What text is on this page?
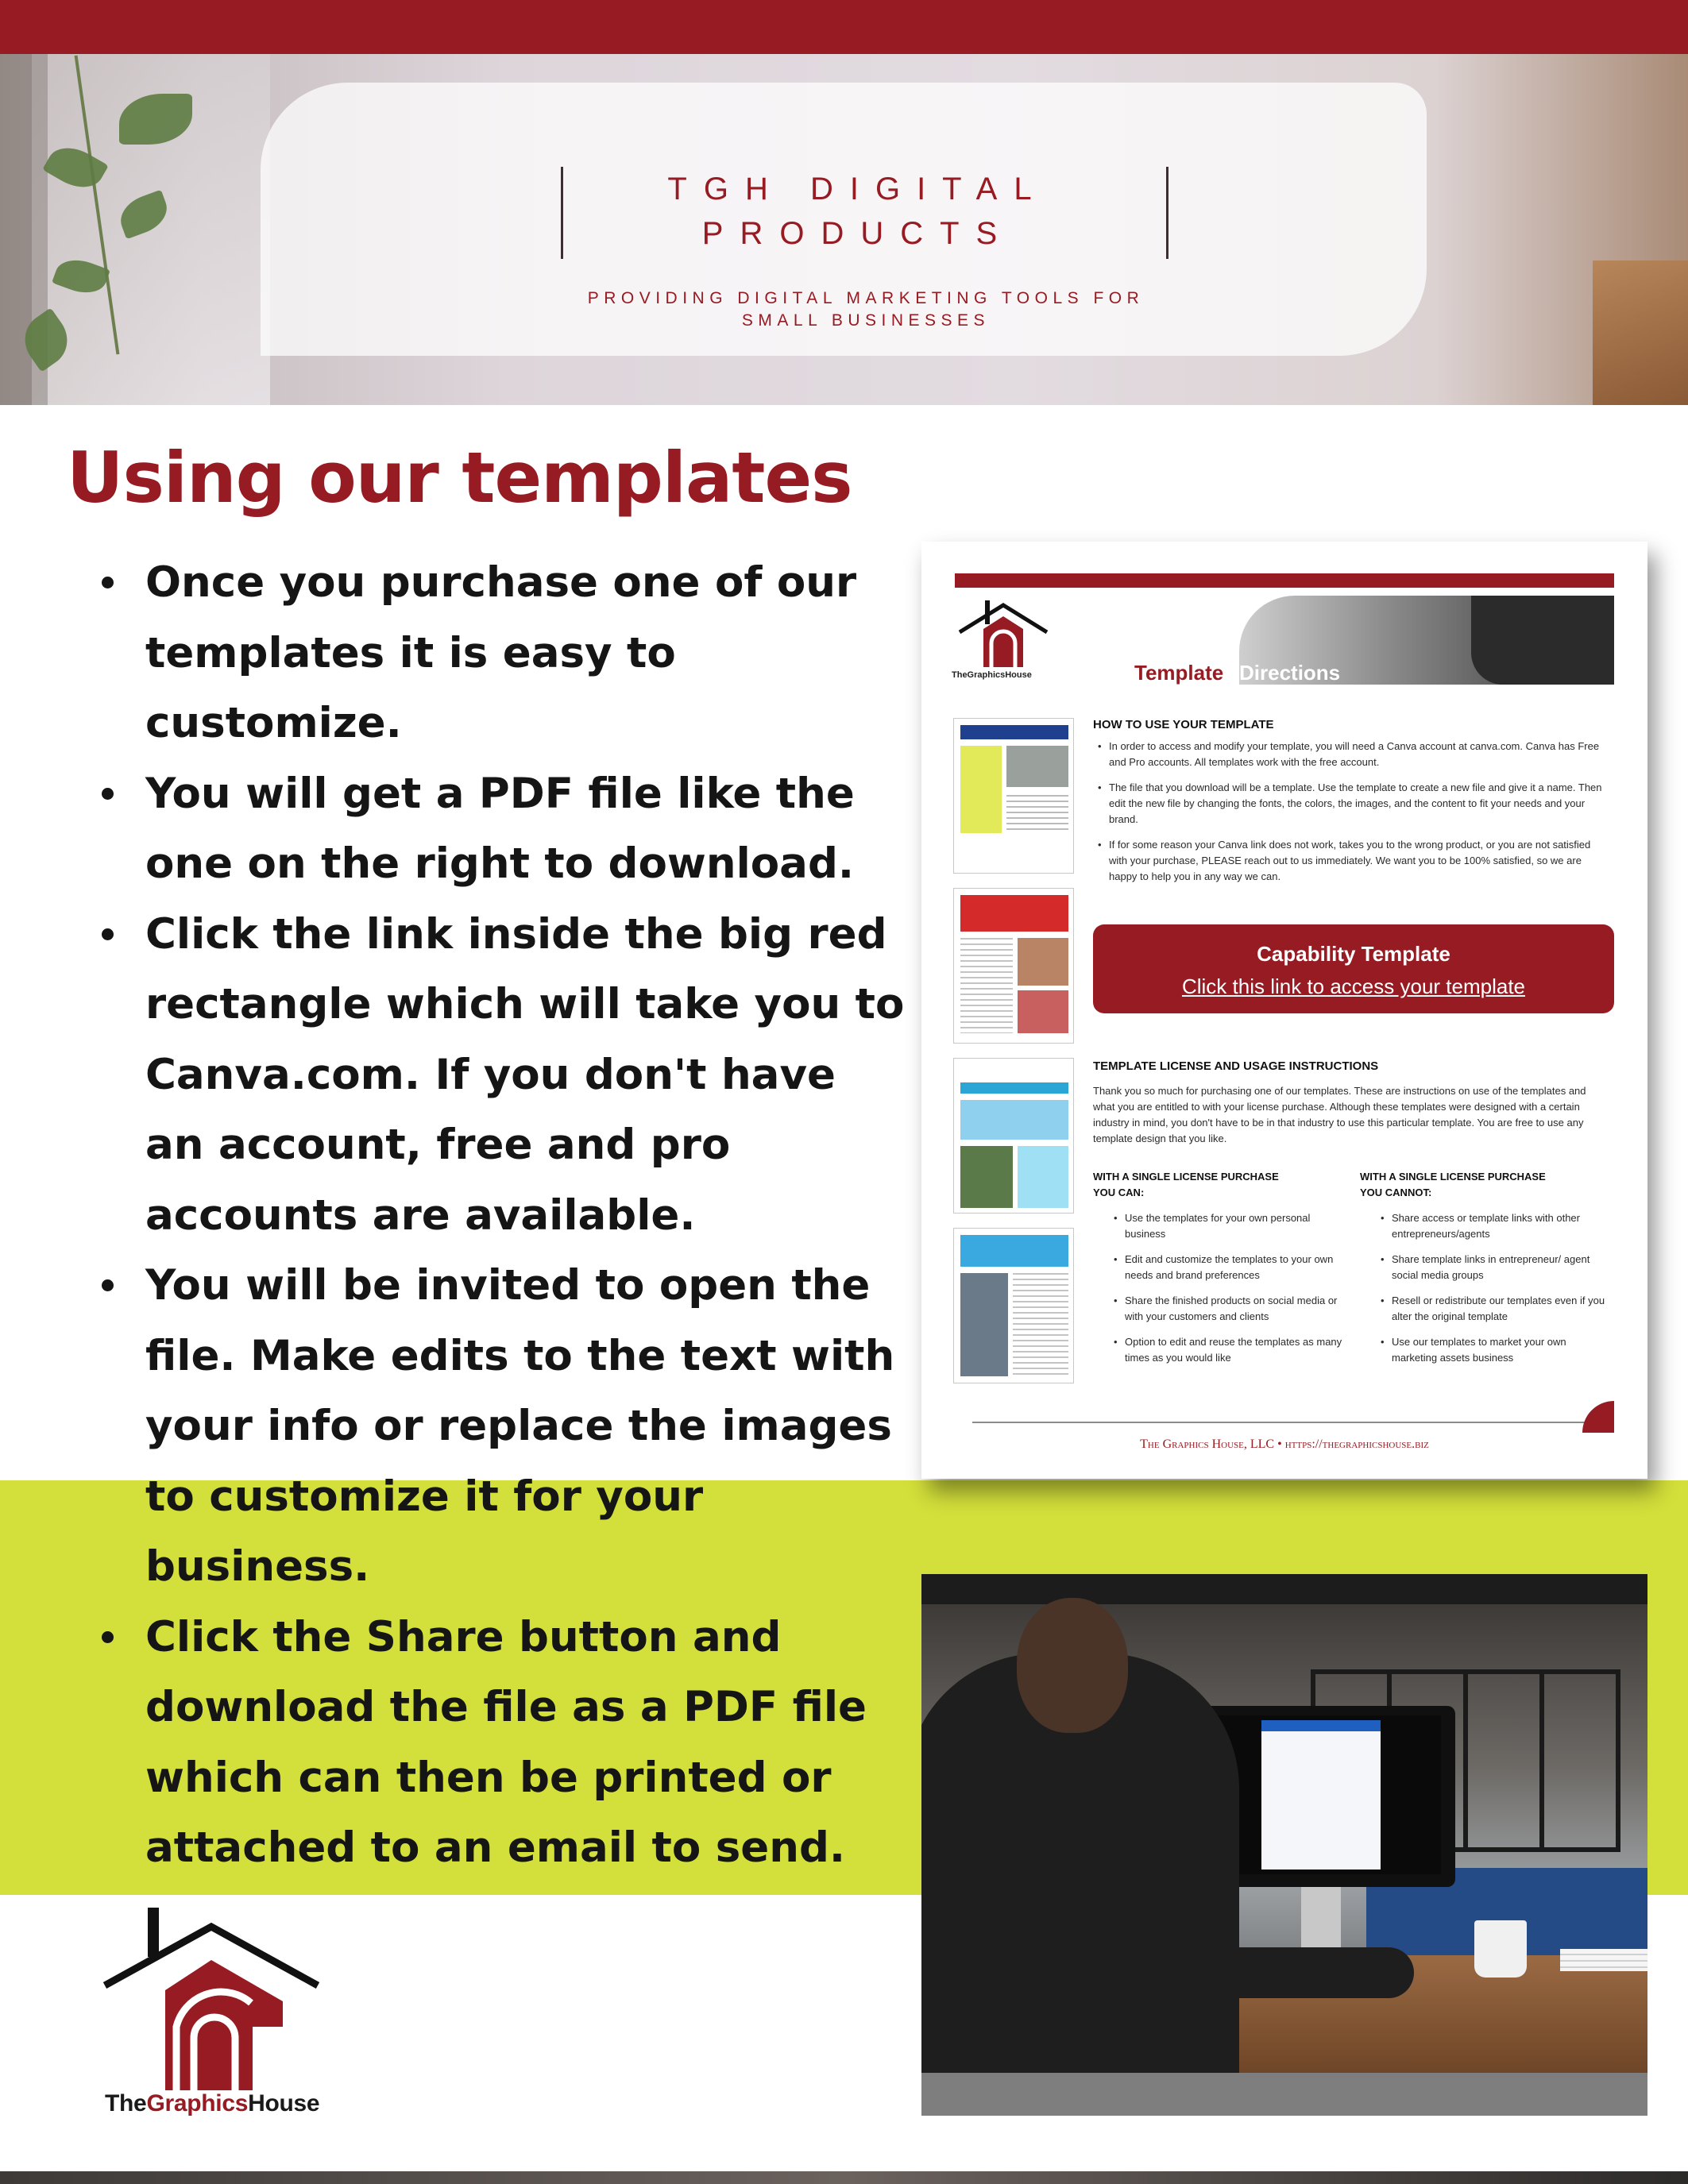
TGH DIGITAL PRODUCTS
PROVIDING DIGITAL MARKETING TOOLS FOR SMALL BUSINESSES
Using our templates
Once you purchase one of our templates it is easy to customize.
You will get a PDF file like the one on the right to download.
Click the link inside the big red rectangle which will take you to Canva.com. If you don't have an account, free and pro accounts are available.
You will be invited to open the file. Make edits to the text with your info or replace the images to customize it for your business.
Click the Share button and download the file as a PDF file which can then be printed or attached to an email to send.
Template Directions
TheGraphicsHouse
HOW TO USE YOUR TEMPLATE
• In order to access and modify your template, you will need a Canva account at canva.com. Canva has Free and Pro accounts. All templates work with the free account.
• The file that you download will be a template. Use the template to create a new file and give it a name. Then edit the new file by changing the fonts, the colors, the images, and the content to fit your needs and your brand.
• If for some reason your Canva link does not work, takes you to the wrong product, or you are not satisfied with your purchase, PLEASE reach out to us immediately. We want you to be 100% satisfied, so we are happy to help you in any way we can.
Capability Template
Click this link to access your template
TEMPLATE LICENSE AND USAGE INSTRUCTIONS

Thank you so much for purchasing one of our templates. These are instructions on use of the templates and what you are entitled to with your license purchase. Although these templates were designed with a certain industry in mind, you don't have to be in that industry to use this particular template. You are free to use any template design that you like.

WITH A SINGLE LICENSE PURCHASE
YOU CAN:
WITH A SINGLE LICENSE PURCHASE
YOU CANNOT:
• Use the templates for your own personal business
• Edit and customize the templates to your own needs and brand preferences
• Share the finished products on social media or with your customers and clients
• Option to edit and reuse the templates as many times as you would like
• Share access or template links with other entrepreneurs/agents
• Share template links in entrepreneur/ agent social media groups
• Resell or redistribute our templates even if you alter the original template
• Use our templates to market your own marketing assets business
The Graphics House, LLC • https://thegraphicshouse.biz
TheGraphicsHouse
